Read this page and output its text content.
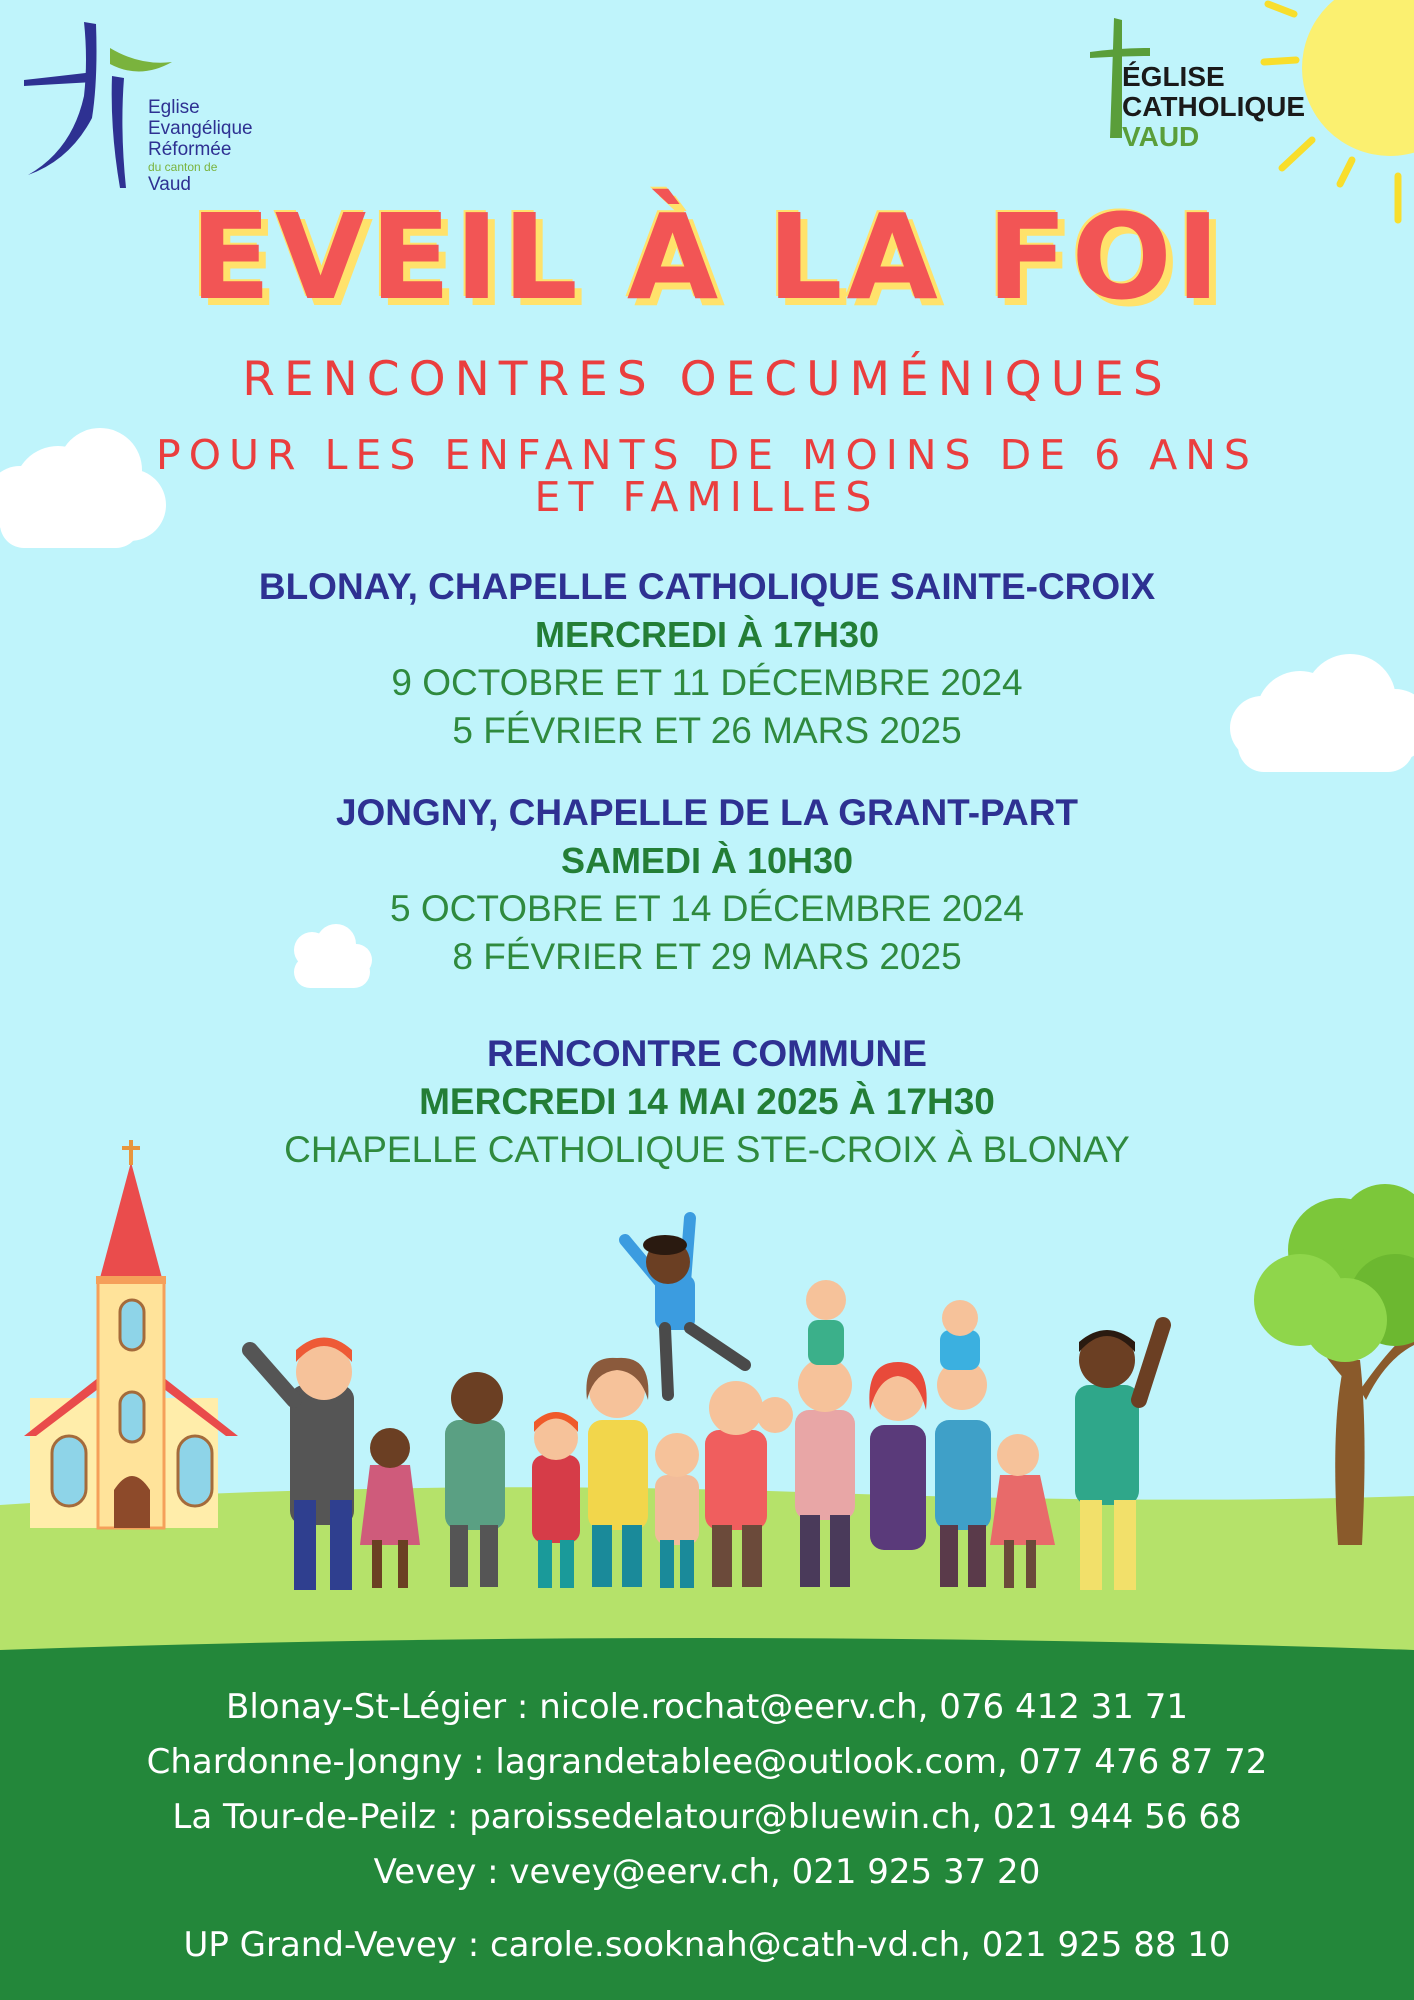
Eglise
Evangélique
Réformée
du canton de
Vaud
ÉGLISE CATHOLIQUE
VAUD
EVEIL À LA FOI
RENCONTRES OECUMÉNIQUES
POUR LES ENFANTS DE MOINS DE 6 ANS
ET FAMILLES
BLONAY, CHAPELLE CATHOLIQUE SAINTE-CROIX
MERCREDI À 17H30
9 OCTOBRE ET 11 DÉCEMBRE 2024
5 FÉVRIER ET 26 MARS 2025
JONGNY, CHAPELLE DE LA GRANT-PART
SAMEDI À 10H30
5 OCTOBRE ET 14 DÉCEMBRE 2024
8 FÉVRIER ET 29 MARS 2025
RENCONTRE COMMUNE
MERCREDI 14 MAI 2025 À 17H30
CHAPELLE CATHOLIQUE STE-CROIX À BLONAY
Blonay-St-Légier : nicole.rochat@eerv.ch, 076 412 31 71
Chardonne-Jongny : lagrandetablee@outlook.com, 077 476 87 72
La Tour-de-Peilz : paroissedelatour@bluewin.ch, 021 944 56 68
Vevey : vevey@eerv.ch, 021 925 37 20
UP Grand-Vevey : carole.sooknah@cath-vd.ch, 021 925 88 10
